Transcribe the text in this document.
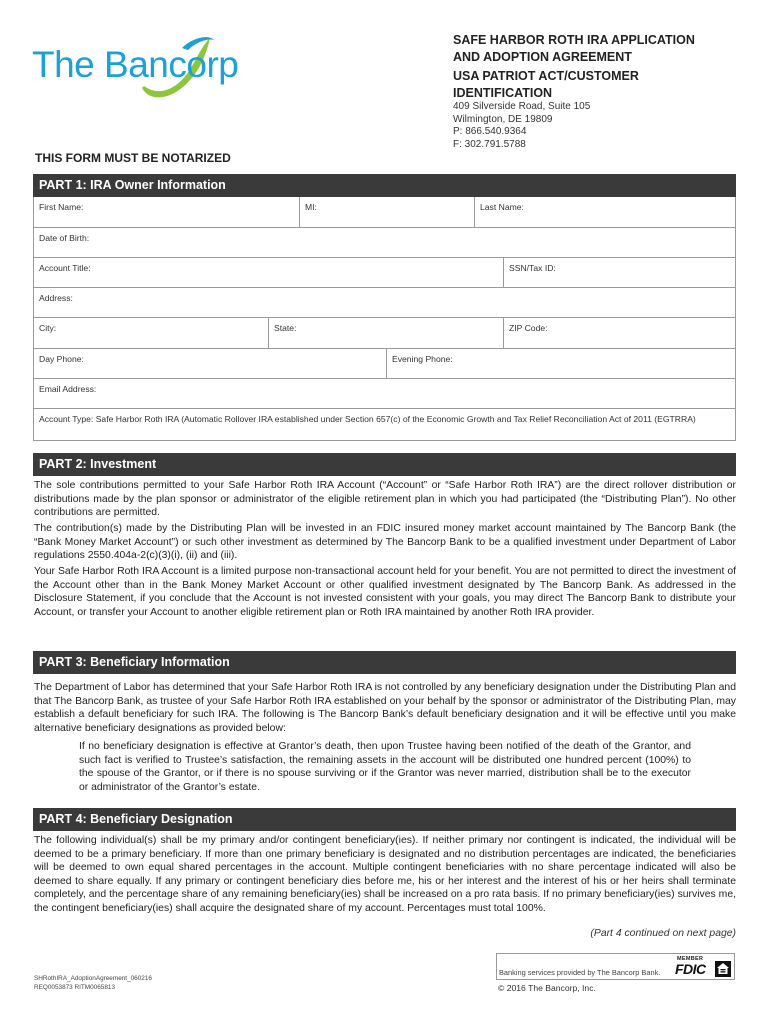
The Bancorp
SAFE HARBOR ROTH IRA APPLICATION
AND ADOPTION AGREEMENT
USA PATRIOT ACT/CUSTOMER
IDENTIFICATION
409 Silverside Road, Suite 105
Wilmington, DE 19809
P: 866.540.9364
F: 302.791.5788
THIS FORM MUST BE NOTARIZED
PART 1: IRA Owner Information
First Name:	MI:	Last Name:
Date of Birth:
Account Title:	SSN/Tax ID:
Address:
City:	State:	ZIP Code:
Day Phone:	Evening Phone:
Email Address:
Account Type: Safe Harbor Roth IRA (Automatic Rollover IRA established under Section 657(c) of the Economic Growth and Tax Relief Reconciliation Act of 2011 (EGTRRA)
PART 2: Investment

The sole contributions permitted to your Safe Harbor Roth IRA Account (“Account” or “Safe Harbor Roth IRA”) are the direct rollover distribution or distributions made by the plan sponsor or administrator of the eligible retirement plan in which you had participated (the “Distributing Plan”). No other contributions are permitted.

The contribution(s) made by the Distributing Plan will be invested in an FDIC insured money market account maintained by The Bancorp Bank (the “Bank Money Market Account”) or such other investment as determined by The Bancorp Bank to be a qualified investment under Department of Labor regulations 2550.404a-2(c)(3)(i), (ii) and (iii).

Your Safe Harbor Roth IRA Account is a limited purpose non-transactional account held for your benefit. You are not permitted to direct the investment of the Account other than in the Bank Money Market Account or other qualified investment designated by The Bancorp Bank. As addressed in the Disclosure Statement, if you conclude that the Account is not invested consistent with your goals, you may direct The Bancorp Bank to distribute your Account, or transfer your Account to another eligible retirement plan or Roth IRA maintained by another Roth IRA provider.

PART 3: Beneficiary Information

The Department of Labor has determined that your Safe Harbor Roth IRA is not controlled by any beneficiary designation under the Distributing Plan and that The Bancorp Bank, as trustee of your Safe Harbor Roth IRA established on your behalf by the sponsor or administrator of the Distributing Plan, may establish a default beneficiary for such IRA. The following is The Bancorp Bank’s default beneficiary designation and it will be effective until you make alternative beneficiary designations as provided below:

If no beneficiary designation is effective at Grantor’s death, then upon Trustee having been notified of the death of the Grantor, and such fact is verified to Trustee’s satisfaction, the remaining assets in the account will be distributed one hundred percent (100%) to the spouse of the Grantor, or if there is no spouse surviving or if the Grantor was never married, distribution shall be to the executor or administrator of the Grantor’s estate.
PART 4: Beneficiary Designation

The following individual(s) shall be my primary and/or contingent beneficiary(ies). If neither primary nor contingent is indicated, the individual will be deemed to be a primary beneficiary. If more than one primary beneficiary is designated and no distribution percentages are indicated, the beneficiaries will be deemed to own equal shared percentages in the account. Multiple contingent beneficiaries with no share percentage indicated will also be deemed to share equally. If any primary or contingent beneficiary dies before me, his or her interest and the interest of his or her heirs shall terminate completely, and the percentage share of any remaining beneficiary(ies) shall be increased on a pro rata basis. If no primary beneficiary(ies) survives me, the contingent beneficiary(ies) shall acquire the designated share of my account. Percentages must total 100%.

(Part 4 continued on next page)
SHRothIRA_AdoptionAgreement_060216
REQ0053873 RITM0065813
Banking services provided by The Bancorp Bank.
MEMBER
FDIC
© 2016 The Bancorp, Inc.
